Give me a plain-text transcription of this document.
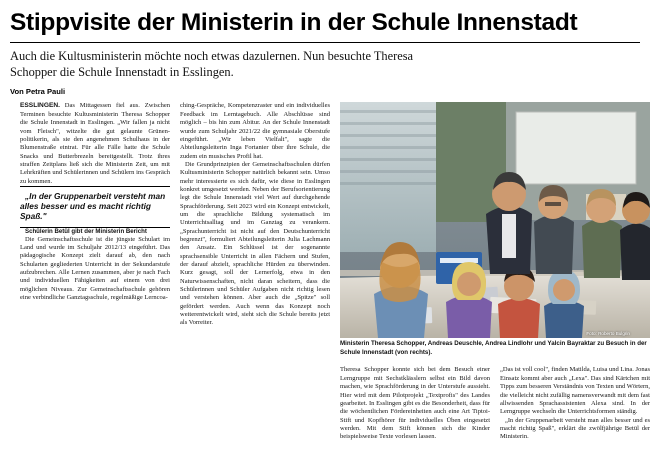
Stippvisite der Ministerin in der Schule Innenstadt
Auch die Kultusministerin möchte noch etwas dazulernen. Nun besuchte Theresa Schopper die Schule Innenstadt in Esslingen.
Von Petra Pauli

ESSLINGEN. Das Mittagessen fiel aus. Zwischen Terminen besuchte Kultusministerin Theresa Schopper die Schule Innenstadt in Esslingen. „Wir fallen ja nicht vom Fleisch", witzelte die gut gelaunte Grünen-politikerin, als sie den angenehmen Schulhaus in der Blumenstraße eintrat. Für alle Fälle hatte die Schule Snacks und Butterbrezeln bereitgestellt. Trotz ihres straffen Zeitplans ließ sich die Ministerin Zeit, um mit Lehrkräften und Schülerinnen und Schülern ins Gespräch zu kommen.

„In der Gruppenarbeit versteht man alles besser und es macht richtig Spaß."

Schülerin Betül gibt der Ministerin Bericht

Die Gemeinschaftsschule ist die jüngste Schulart im Land und wurde im Schuljahr 2012/13 eingeführt. Das pädagogische Konzept zielt darauf ab, den nach Schularten gegliederten Unterricht in der Sekundarstufe aufzubrechen. Alle Lernen zusammen, aber je nach Fach und individuellen Fähigkeiten auf einem von drei möglichen Niveaus. Zur Gemeinschaftsschule gehören eine verbindliche Ganztagsschule, regelmäßige Lerncoa-

ching-Gespräche, Kompetenzraster und ein individuelles Feedback im Lerntagebuch. Alle Abschlüsse sind möglich – bis hin zum Abitur. An der Schule Innenstadt wurde zum Schuljahr 2021/22 die gymnasiale Oberstufe eingeführt. „Wir leben Vielfalt", sagte die Abteilungsleiterin Inga Fortanier über ihre Schule, die zudem ein musisches Profil hat.

Die Grundprinzipien der Gemeinschaftsschulen dürfen Kultusministerin Schopper natürlich bekannt sein. Umso mehr interessierte es sich dafür, wie diese in Esslingen konkret umgesetzt werden. Neben der Berufsorientierung legt die Schule Innenstadt viel Wert auf durchgehende Sprachförderung. Seit 2023 wird ein Konzept entwickelt, um die sprachliche Bildung systematisch im Unterrichtsalltag und im Ganztag zu verankern. „Sprachunterricht ist nicht auf den Deutschunterricht begrenzt", formuliert Abteilungsleiterin Julia Lachmann den Ansatz. Ein Schlüssel ist der sogenannte sprachsensible Unterricht in allen Fächern und Stufen, der darauf abzielt, sprachliche Hürden zu überwinden. Kurz gesagt, soll der Lernerfolg, etwa in den Naturwissenschaften, nicht daran scheitern, dass die Schülerinnen und Schüler Aufgaben nicht richtig lesen und verstehen können. Aber auch die „Spitze" soll gefördert werden. Auch wenn das Konzept noch weiterentwickelt wird, sieht sich die Schule bereits jetzt als Vorreiter.

Foto: Roberto Bulgrin
Ministerin Theresa Schopper, Andreas Deuschle, Andrea Lindlohr und Yalcin Bayraktar zu Besuch in der Schule Innenstadt (von rechts).

Theresa Schopper konnte sich bei dem Besuch einer Lerngruppe mit Sechstklässlern selbst ein Bild davon machen, wie Sprachförderung in der Unterstufe aussieht. Hier wird mit dem Pilotprojekt „Textprofis" des Landes gearbeitet. In Esslingen gibt es die Besonderheit, dass für die wöchentlichen Fördereinheiten auch eine Art Tiptoi-Stift und Kopfhörer für individuelles Üben eingesetzt werden. Mit dem Stift können sich die Kinder beispielsweise Texte vorlesen lassen.

„Das ist voll cool", finden Matilda, Luisa und Lina. Jonas Einsatz kommt aber auch „Lexa". Das sind Kärtchen mit Tipps zum besseren Verständnis von Texten und Wörtern, die vielleicht nicht zufällig namensverwandt mit dem fast allwissenden Sprachassistenten Alexa sind. In der Lerngruppe wechseln die Unterrichtsformen ständig.

„In der Gruppenarbeit versteht man alles besser und es macht richtig Spaß", erklärt die zwölfjährige Betül der Ministerin.
